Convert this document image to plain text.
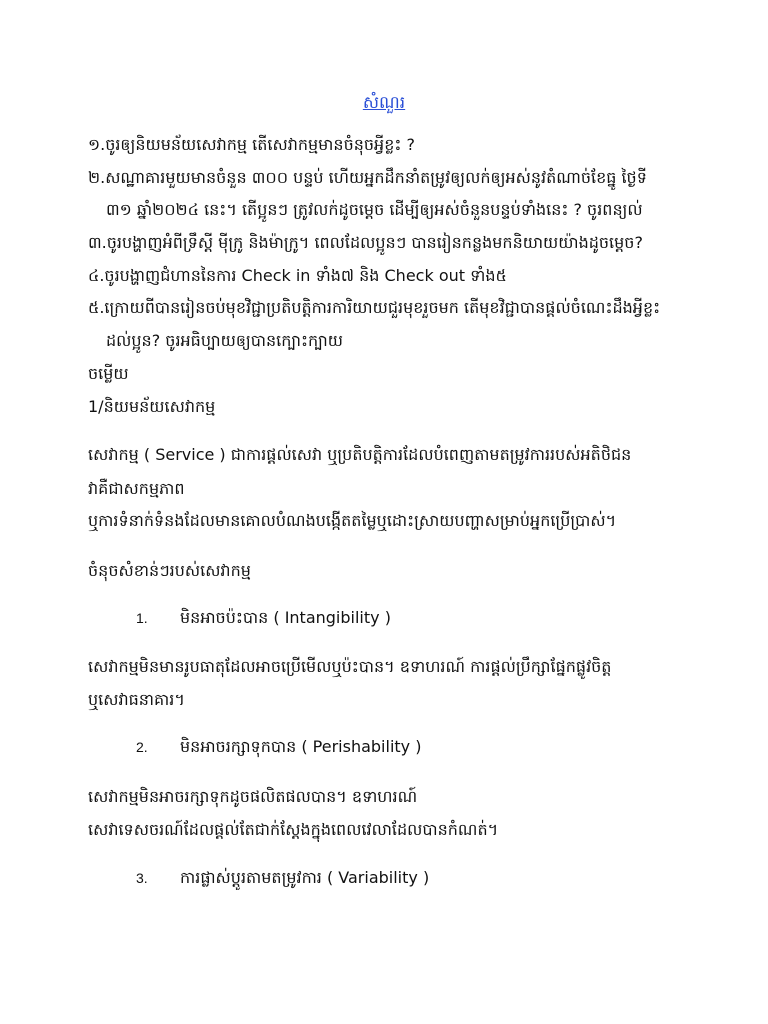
សំណួរ
១.ចូរឲ្យនិយមន័យសេវាកម្ម តើសេវាកម្មមានចំនុចអ្វីខ្លះ ?
២.សណ្ឋាគារមួយមានចំនួន ៣០០ បន្ទប់ ហើយអ្នកដឹកនាំតម្រូវឲ្យលក់ឲ្យអស់នូវតំណាច់ខែធ្នូ ថ្ងៃទី
៣១ ឆ្នាំ២០២៤ នេះ។ តើប្អូនៗ ត្រូវលក់ដូចម្ដេច ដើម្បីឲ្យអស់ចំនួនបន្ទប់ទាំងនេះ ? ចូរពន្យល់
៣.ចូរបង្ហាញអំពីទ្រឹស្ដី ម៉ីក្រូ និងម៉ាក្រូ។ ពេលដែលប្អូនៗ បានរៀនកន្លងមកនិយាយយ៉ាងដូចម្ដេច?
៤.ចូរបង្ហាញជំហាននៃការ Check in ទាំង៧ និង Check out ទាំង៥
៥.ក្រោយពីបានរៀនចប់មុខវិជ្ជាប្រតិបត្តិការការិយាយជួរមុខរួចមក តើមុខវិជ្ជាបានផ្ដល់ចំណេះដឹងអ្វីខ្លះ
ដល់ប្អូន? ចូរអធិប្បាយឲ្យបានក្បោះក្បាយ
ចម្លើយ
1/និយមន័យសេវាកម្ម
សេវាកម្ម ( Service ) ជាការផ្ដល់សេវា ឬប្រតិបត្តិការដែលបំពេញតាមតម្រូវការរបស់អតិថិជន
វាគឺជាសកម្មភាព
ឬការទំនាក់ទំនងដែលមានគោលបំណងបង្កើតតម្លៃឬដោះស្រាយបញ្ហាសម្រាប់អ្នកប្រើប្រាស់។
ចំនុចសំខាន់ៗរបស់សេវាកម្ម
1. មិនអាចប៉ះបាន ( Intangibility )
សេវាកម្មមិនមានរូបធាតុដែលអាចប្រើមើលឬប៉ះបាន។ ឧទាហរណ៍ ការផ្ដល់ប្រឹក្សាផ្នែកផ្លូវចិត្ត
ឬសេវាធនាគារ។
2. មិនអាចរក្សាទុកបាន ( Perishability )
សេវាកម្មមិនអាចរក្សាទុកដូចផលិតផលបាន។ ឧទាហរណ៍
សេវាទេសចរណ៍ដែលផ្ដល់តែជាក់ស្ដែងក្នុងពេលវេលាដែលបានកំណត់។
3. ការផ្លាស់ប្ដូរតាមតម្រូវការ ( Variability )
